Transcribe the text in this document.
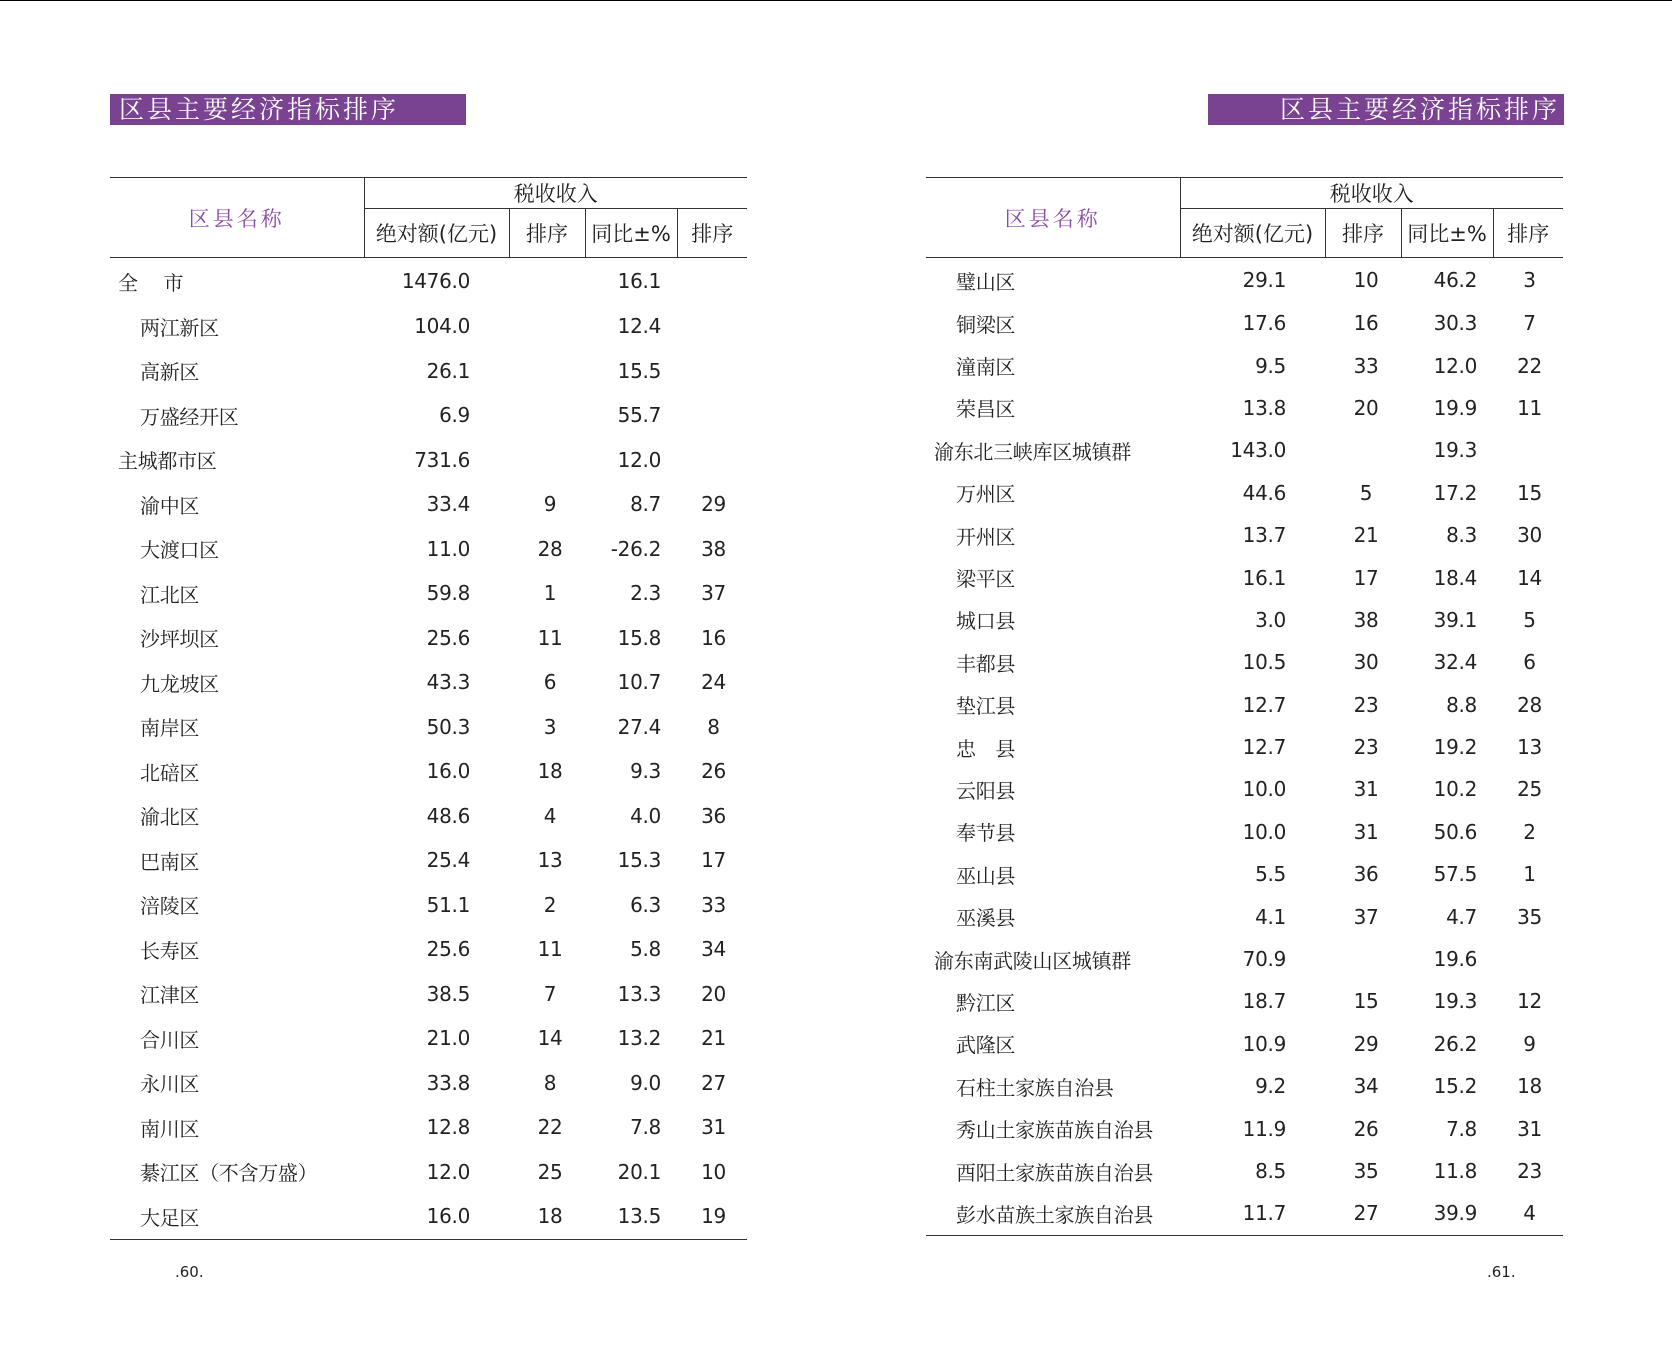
区县主要经济指标排序
区县名称	税收收入			
	绝对额(亿元)	排序	同比±%	排序
全　 市	1476.0		16.1	
两江新区	104.0		12.4	
高新区	26.1		15.5	
万盛经开区	6.9		55.7	
主城都市区	731.6		12.0	
渝中区	33.4	9	8.7	29
大渡口区	11.0	28	-26.2	38
江北区	59.8	1	2.3	37
沙坪坝区	25.6	11	15.8	16
九龙坡区	43.3	6	10.7	24
南岸区	50.3	3	27.4	8
北碚区	16.0	18	9.3	26
渝北区	48.6	4	4.0	36
巴南区	25.4	13	15.3	17
涪陵区	51.1	2	6.3	33
长寿区	25.6	11	5.8	34
江津区	38.5	7	13.3	20
合川区	21.0	14	13.2	21
永川区	33.8	8	9.0	27
南川区	12.8	22	7.8	31
綦江区（不含万盛）	12.0	25	20.1	10
大足区	16.0	18	13.5	19
.60.
区县主要经济指标排序
区县名称	税收收入			
	绝对额(亿元)	排序	同比±%	排序
璧山区	29.1	10	46.2	3
铜梁区	17.6	16	30.3	7
潼南区	9.5	33	12.0	22
荣昌区	13.8	20	19.9	11
渝东北三峡库区城镇群	143.0		19.3	
万州区	44.6	5	17.2	15
开州区	13.7	21	8.3	30
梁平区	16.1	17	18.4	14
城口县	3.0	38	39.1	5
丰都县	10.5	30	32.4	6
垫江县	12.7	23	8.8	28
忠　县	12.7	23	19.2	13
云阳县	10.0	31	10.2	25
奉节县	10.0	31	50.6	2
巫山县	5.5	36	57.5	1
巫溪县	4.1	37	4.7	35
渝东南武陵山区城镇群	70.9		19.6	
黔江区	18.7	15	19.3	12
武隆区	10.9	29	26.2	9
石柱土家族自治县	9.2	34	15.2	18
秀山土家族苗族自治县	11.9	26	7.8	31
酉阳土家族苗族自治县	8.5	35	11.8	23
彭水苗族土家族自治县	11.7	27	39.9	4
.61.
